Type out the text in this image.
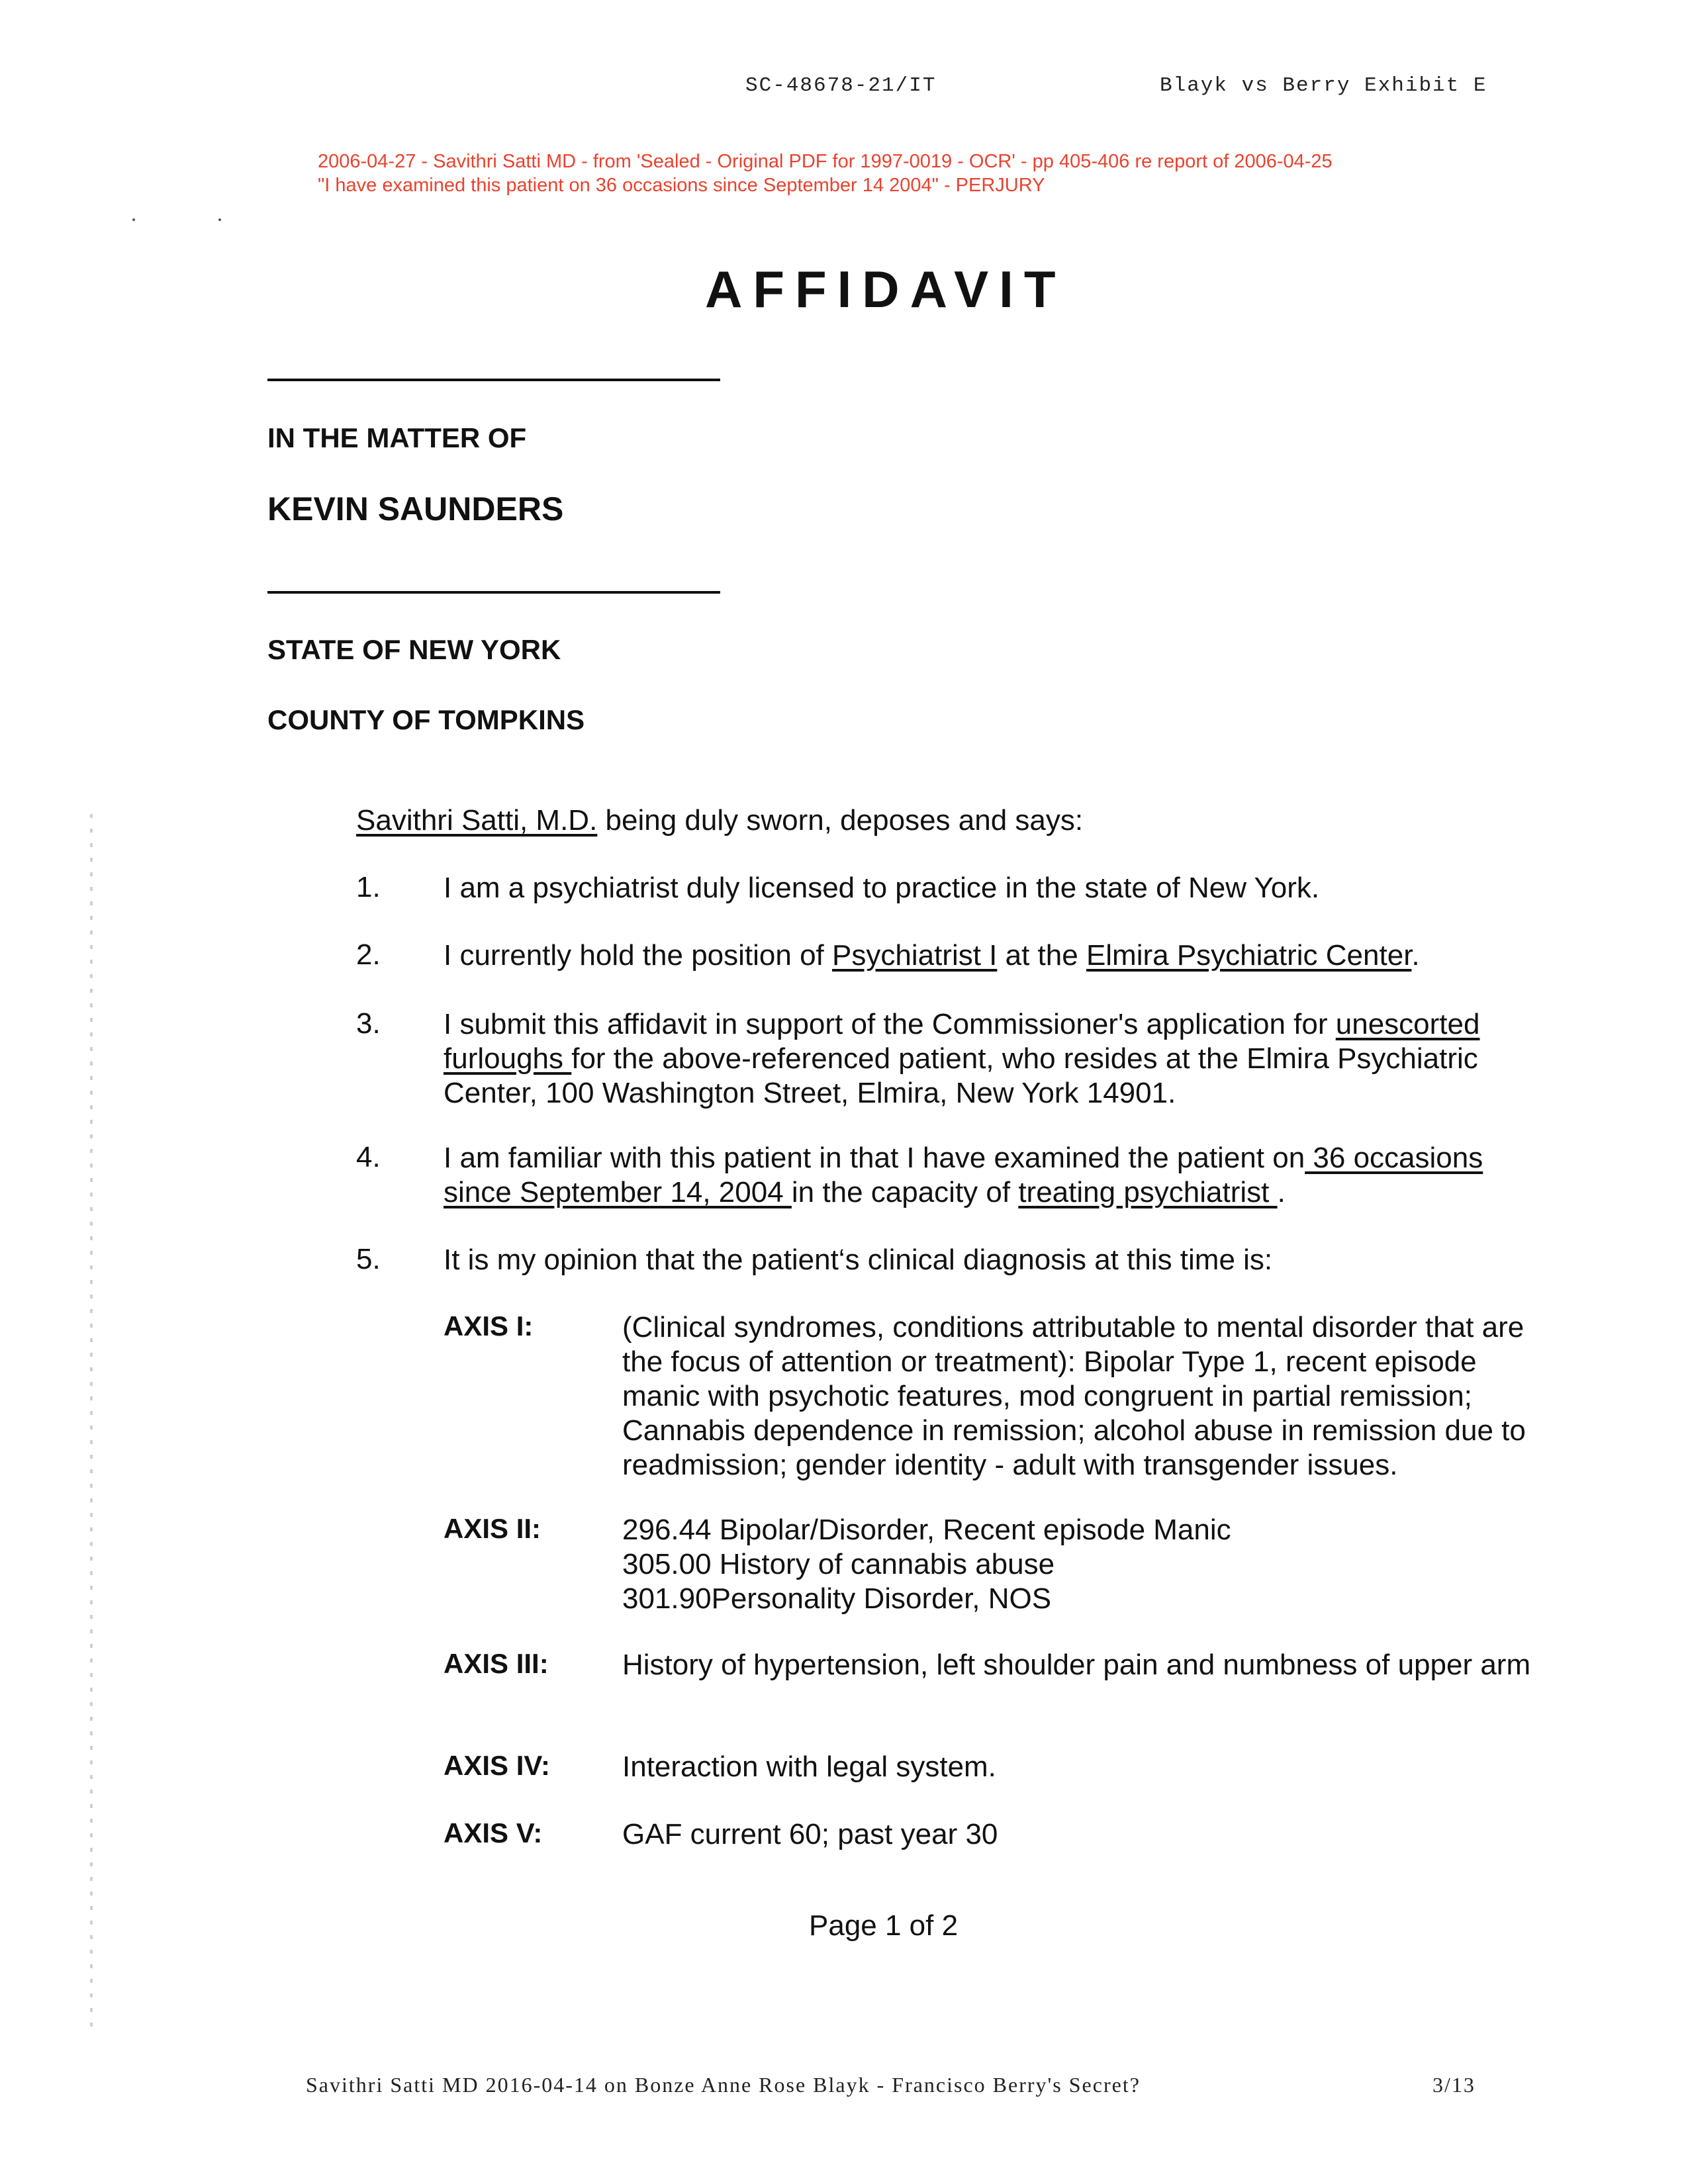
SC-48678-21/IT	Blayk vs Berry Exhibit E
2006-04-27 - Savithri Satti MD - from 'Sealed - Original PDF for 1997-0019 - OCR' - pp 405-406 re report of 2006-04-25
"I have examined this patient on 36 occasions since September 14 2004" - PERJURY
AFFIDAVIT
IN THE MATTER OF
KEVIN SAUNDERS
STATE OF NEW YORK
COUNTY OF TOMPKINS
Savithri Satti, M.D. being duly sworn, deposes and says:
1. I am a psychiatrist duly licensed to practice in the state of New York.
2. I currently hold the position of Psychiatrist I at the Elmira Psychiatric Center.
3. I submit this affidavit in support of the Commissioner's application for unescorted furloughs for the above-referenced patient, who resides at the Elmira Psychiatric Center, 100 Washington Street, Elmira, New York 14901.
4. I am familiar with this patient in that I have examined the patient on 36 occasions since September 14, 2004 in the capacity of treating psychiatrist .
5. It is my opinion that the patient‘s clinical diagnosis at this time is:
AXIS I:	(Clinical syndromes, conditions attributable to mental disorder that are the focus of attention or treatment): Bipolar Type 1, recent episode manic with psychotic features, mod congruent in partial remission; Cannabis dependence in remission; alcohol abuse in remission due to readmission; gender identity - adult with transgender issues.
AXIS II:	296.44 Bipolar/Disorder, Recent episode Manic
305.00 History of cannabis abuse
301.90Personality Disorder, NOS
AXIS III:	History of hypertension, left shoulder pain and numbness of upper arm
AXIS IV: Interaction with legal system.
AXIS V:	GAF current 60; past year 30
Page 1 of 2
Savithri Satti MD 2016-04-14 on Bonze Anne Rose Blayk - Francisco Berry's Secret?	3/13
